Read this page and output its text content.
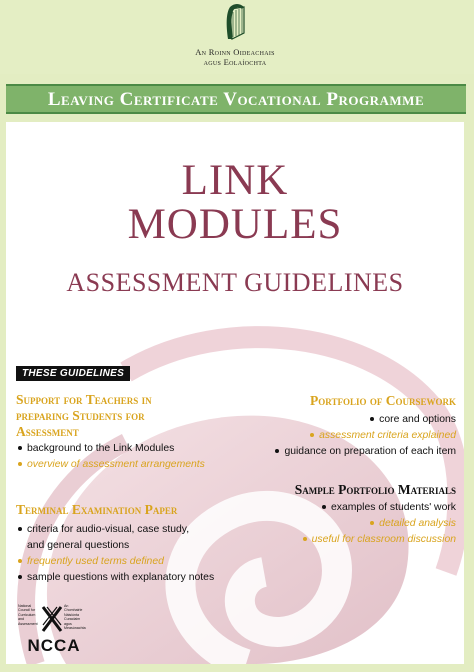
An Roinn Oideachais
agus Eolaíochta
Leaving Certificate Vocational Programme
LINK
MODULES
ASSESSMENT GUIDELINES
THESE GUIDELINES
Support for Teachers in
preparing Students for
Assessment
background to the Link Modules
overview of assessment arrangements
Terminal Examination Paper
criteria for audio-visual, case study,
and general questions
frequently used terms defined
sample questions with explanatory notes
Portfolio of Coursework
core and options
assessment criteria explained
guidance on preparation of each item
Sample Portfolio Materials
examples of students' work
detailed analysis
useful for classroom discussion
National Council for Curriculum and Assessment
An Chomhairle Náisiúnta Curaclaim agus Measúnachta
NCCA
